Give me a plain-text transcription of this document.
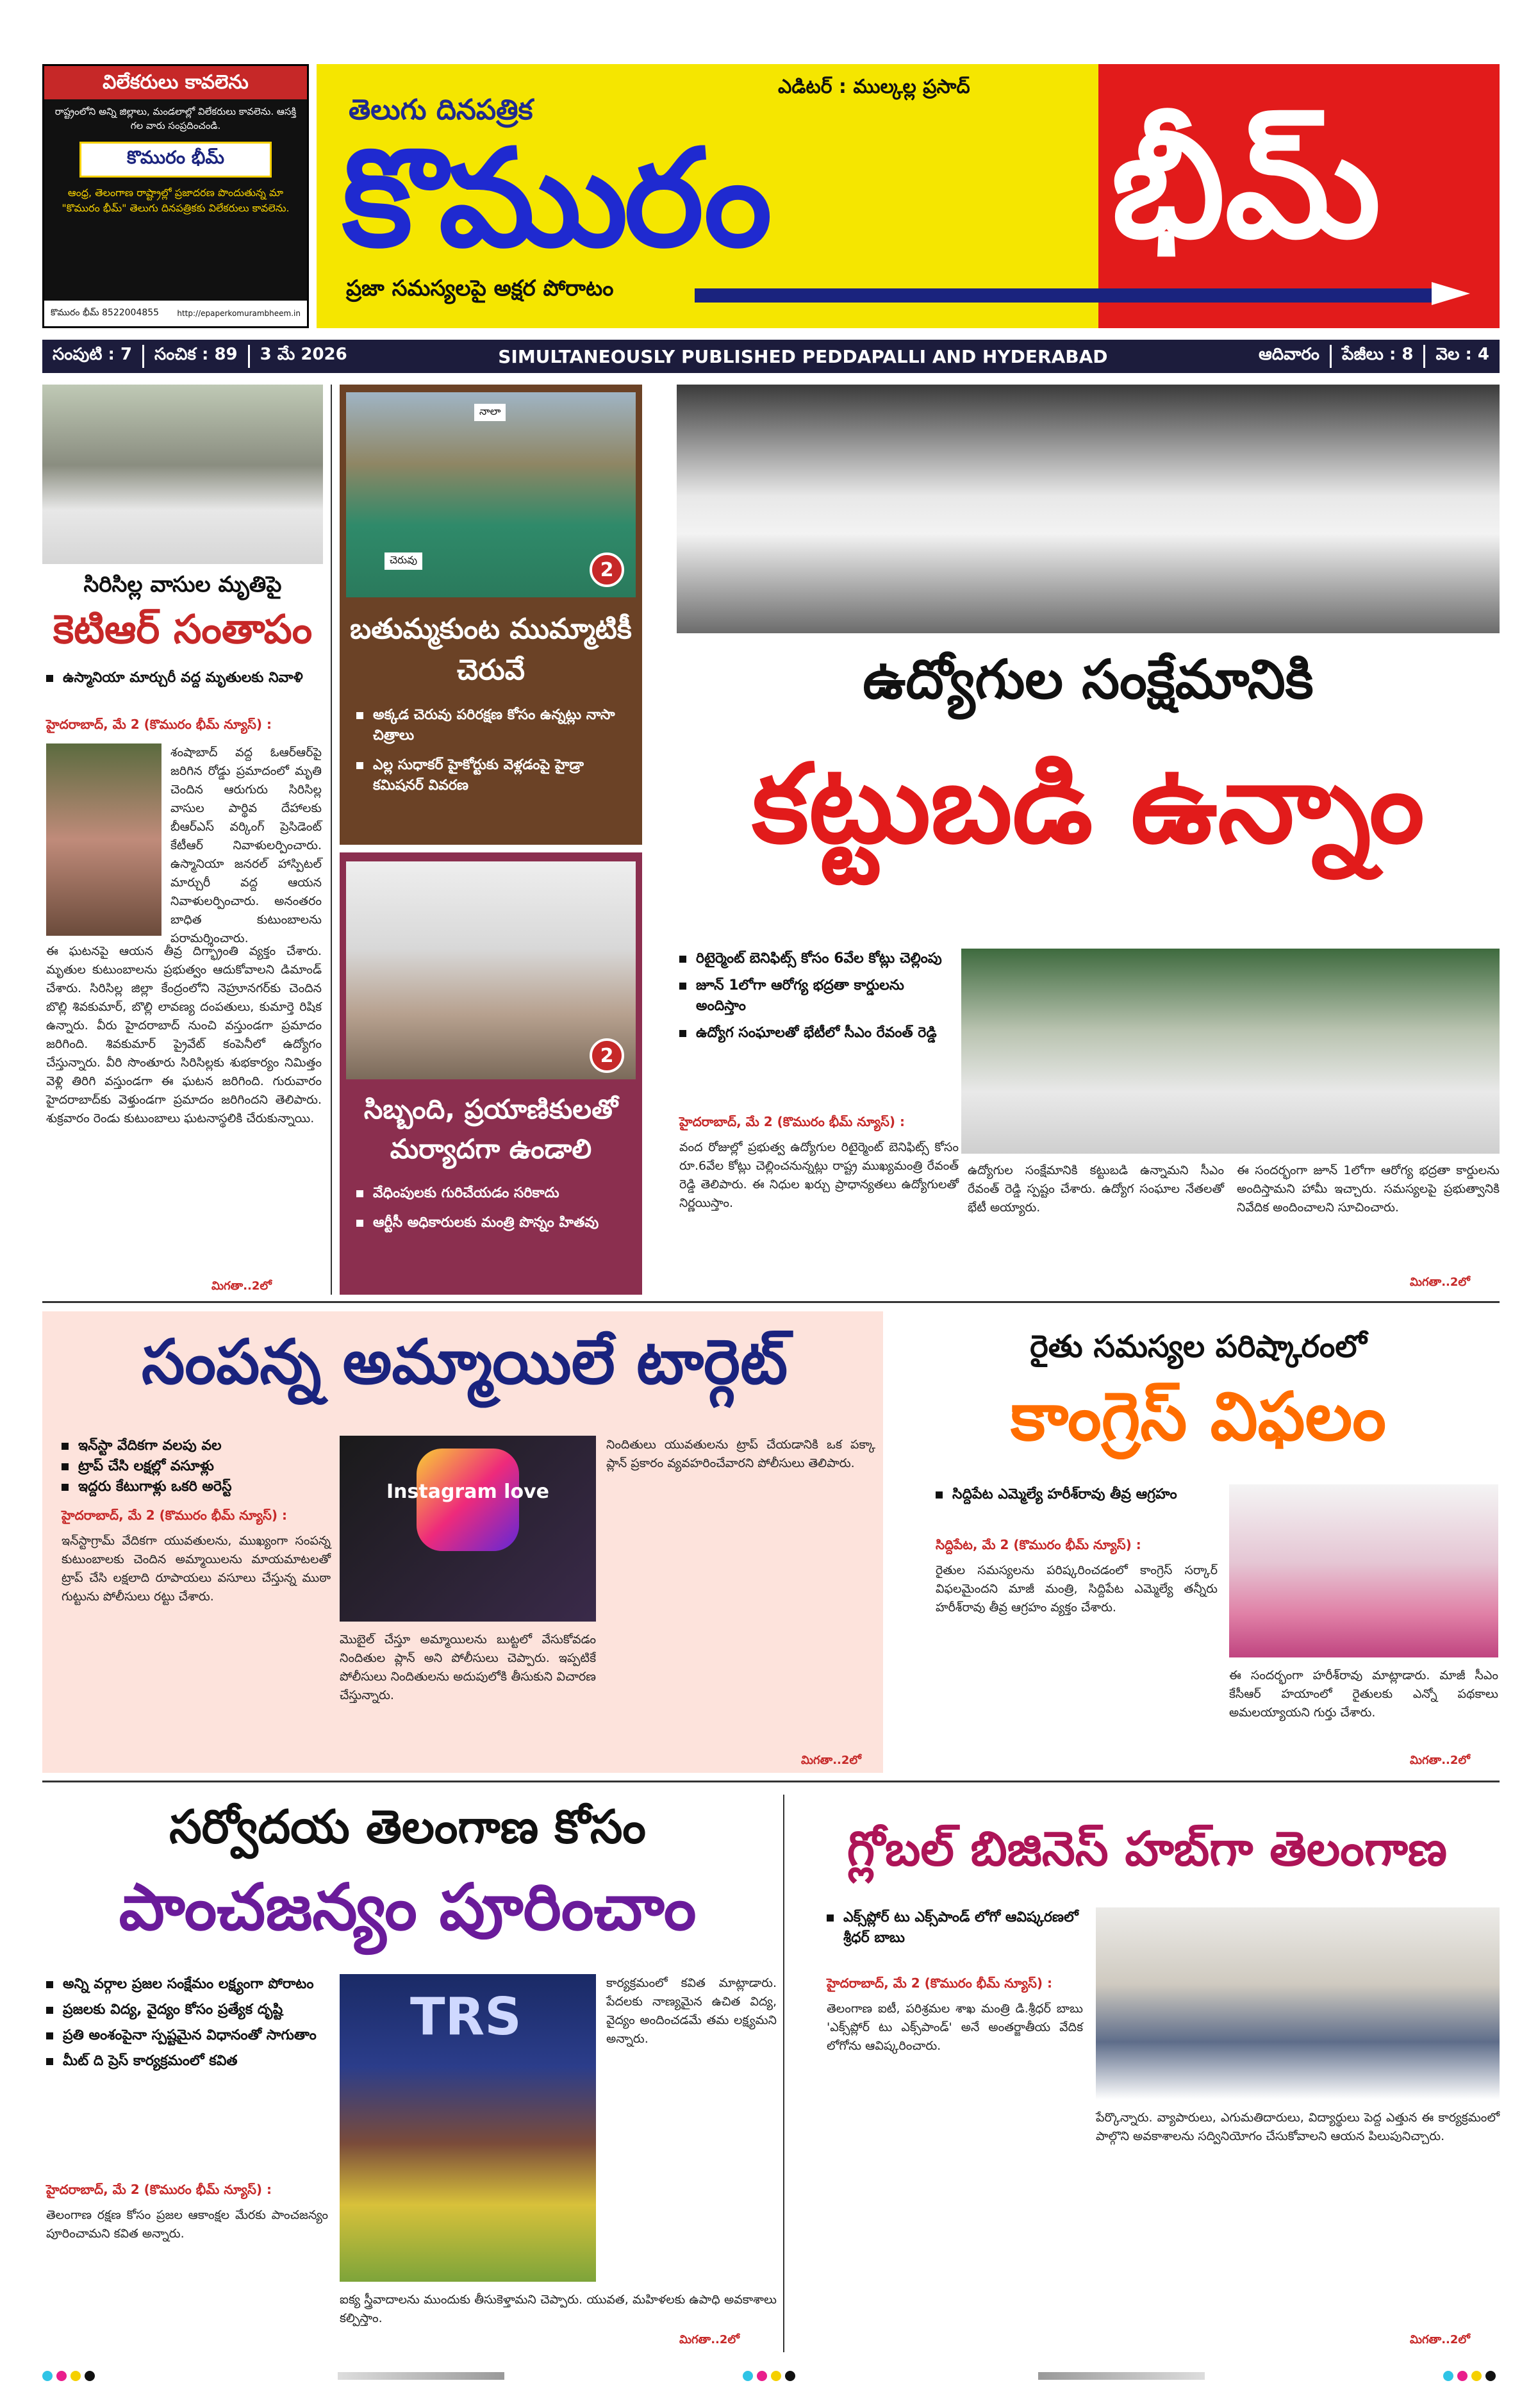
విలేకరులు కావలెను
రాష్ట్రంలోని అన్ని జిల్లాలు, మండలాల్లో విలేకరులు కావలెను. ఆసక్తి గల వారు సంప్రదించండి.
కొమురం భీమ్
ఆంధ్ర, తెలంగాణ రాష్ట్రాల్లో ప్రజాదరణ పొందుతున్న మా "కొమురం భీమ్" తెలుగు దినపత్రికకు విలేకరులు కావలెను.
కొమురం భీమ్ 8522004855 http://epaperkomurambheem.in
తెలుగు దినపత్రిక
ఎడిటర్ : ముల్కల్ల ప్రసాద్
కొమురం భీమ్
ప్రజా సమస్యలపై అక్షర పోరాటం
సంపుటి : 7	సంచిక : 89	3 మే 2026	SIMULTANEOUSLY PUBLISHED PEDDAPALLI AND HYDERABAD	ఆదివారం	పేజీలు : 8	వెల : 4
సిరిసిల్ల వాసుల మృతిపై
కెటిఆర్ సంతాపం
ఉస్మానియా మార్చురీ వద్ద మృతులకు నివాళి
హైదరాబాద్, మే 2 (కొమురం భీమ్ న్యూస్) :
శంషాబాద్ వద్ద ఓఆర్ఆర్‌పై జరిగిన రోడ్డు ప్రమాదంలో మృతి చెందిన ఆరుగురు సిరిసిల్ల వాసుల పార్థివ దేహాలకు బీఆర్ఎస్ వర్కింగ్ ప్రెసిడెంట్ కేటీఆర్ నివాళులర్పించారు. ఉస్మానియా జనరల్ హాస్పిటల్ మార్చురీ వద్ద ఆయన నివాళులర్పించారు. అనంతరం బాధిత కుటుంబాలను పరామర్శించారు.
ఈ ఘటనపై ఆయన తీవ్ర దిగ్భ్రాంతి వ్యక్తం చేశారు. మృతుల కుటుంబాలను ప్రభుత్వం ఆదుకోవాలని డిమాండ్ చేశారు. సిరిసిల్ల జిల్లా కేంద్రంలోని నెహ్రూనగర్‌కు చెందిన బొల్లి శివకుమార్, బొల్లి లావణ్య దంపతులు, కుమార్తె రిషిక ఉన్నారు. వీరు హైదరాబాద్ నుంచి వస్తుండగా ప్రమాదం జరిగింది. శివకుమార్ ప్రైవేట్ కంపెనీలో ఉద్యోగం చేస్తున్నారు. వీరి సొంతూరు సిరిసిల్లకు శుభకార్యం నిమిత్తం వెళ్లి తిరిగి వస్తుండగా ఈ ఘటన జరిగింది. గురువారం హైదరాబాద్‌కు వెళ్తుండగా ప్రమాదం జరిగిందని తెలిపారు. శుక్రవారం రెండు కుటుంబాలు ఘటనాస్థలికి చేరుకున్నాయి.
మిగతా..2లో
నాలా
చెరువు	2
బతుమ్మకుంట ముమ్మాటికీ చెరువే
అక్కడ చెరువు పరిరక్షణ కోసం ఉన్నట్లు నాసా చిత్రాలు
ఎల్ల సుధాకర్ హైకోర్టుకు వెళ్లడంపై హైడ్రా కమిషనర్ వివరణ
2
సిబ్బంది, ప్రయాణికులతో మర్యాదగా ఉండాలి
వేధింపులకు గురిచేయడం సరికాదు
ఆర్టీసీ అధికారులకు మంత్రి పొన్నం హితవు
ఉద్యోగుల సంక్షేమానికి
కట్టుబడి ఉన్నాం
రిటైర్మెంట్ బెనిఫిట్స్ కోసం 6వేల కోట్లు చెల్లింపు
జూన్ 1లోగా ఆరోగ్య భద్రతా కార్డులను అందిస్తాం
ఉద్యోగ సంఘాలతో భేటీలో సీఎం రేవంత్ రెడ్డి
హైదరాబాద్, మే 2 (కొమురం భీమ్ న్యూస్) :
వంద రోజుల్లో ప్రభుత్వ ఉద్యోగుల రిటైర్మెంట్ బెనిఫిట్స్ కోసం రూ.6వేల కోట్లు చెల్లించనున్నట్లు రాష్ట్ర ముఖ్యమంత్రి రేవంత్ రెడ్డి తెలిపారు. ఈ నిధుల ఖర్చు ప్రాధాన్యతలు ఉద్యోగులతో నిర్ణయిస్తాం.
ఉద్యోగుల సంక్షేమానికి కట్టుబడి ఉన్నామని సీఎం రేవంత్ రెడ్డి స్పష్టం చేశారు. ఉద్యోగ సంఘాల నేతలతో భేటీ అయ్యారు.
ఈ సందర్భంగా జూన్ 1లోగా ఆరోగ్య భద్రతా కార్డులను అందిస్తామని హామీ ఇచ్చారు. సమస్యలపై ప్రభుత్వానికి నివేదిక అందించాలని సూచించారు.
మిగతా..2లో
సంపన్న అమ్మాయిలే టార్గెట్
ఇన్‌స్టా వేదికగా వలపు వల
ట్రాప్ చేసి లక్షల్లో వసూళ్లు
ఇద్దరు కేటుగాళ్లు ఒకరి అరెస్ట్
హైదరాబాద్, మే 2 (కొమురం భీమ్ న్యూస్) :
ఇన్‌స్టాగ్రామ్ వేదికగా యువతులను, ముఖ్యంగా సంపన్న కుటుంబాలకు చెందిన అమ్మాయిలను మాయమాటలతో ట్రాప్ చేసి లక్షలాది రూపాయలు వసూలు చేస్తున్న ముఠా గుట్టును పోలీసులు రట్టు చేశారు.
Instagram love
మొబైల్‌ చేస్తూ అమ్మాయిలను బుట్టలో వేసుకోవడం నిందితుల ప్లాన్ అని పోలీసులు చెప్పారు. ఇప్పటికే పోలీసులు నిందితులను అదుపులోకి తీసుకుని విచారణ చేస్తున్నారు.
నిందితులు యువతులను ట్రాప్ చేయడానికి ఒక పక్కా ప్లాన్ ప్రకారం వ్యవహరించేవారని పోలీసులు తెలిపారు.
మిగతా..2లో
రైతు సమస్యల పరిష్కారంలో
కాంగ్రెస్ విఫలం
సిద్దిపేట ఎమ్మెల్యే హరీశ్‌రావు తీవ్ర ఆగ్రహం
సిద్దిపేట, మే 2 (కొమురం భీమ్ న్యూస్) :
రైతుల సమస్యలను పరిష్కరించడంలో కాంగ్రెస్ సర్కార్ విఫలమైందని మాజీ మంత్రి, సిద్దిపేట ఎమ్మెల్యే తన్నీరు హరీశ్‌రావు తీవ్ర ఆగ్రహం వ్యక్తం చేశారు.
ఈ సందర్భంగా హరీశ్‌రావు మాట్లాడారు. మాజీ సీఎం కేసీఆర్ హయాంలో రైతులకు ఎన్నో పథకాలు అమలయ్యాయని గుర్తు చేశారు.
మిగతా..2లో
సర్వోదయ తెలంగాణ కోసం
పాంచజన్యం పూరించాం
అన్ని వర్గాల ప్రజల సంక్షేమం లక్ష్యంగా పోరాటం
ప్రజలకు విద్య, వైద్యం కోసం ప్రత్యేక దృష్టి
ప్రతి అంశంపైనా స్పష్టమైన విధానంతో సాగుతాం
మీట్ ది ప్రెస్ కార్యక్రమంలో కవిత
హైదరాబాద్, మే 2 (కొమురం భీమ్ న్యూస్) :
తెలంగాణ రక్షణ కోసం ప్రజల ఆకాంక్షల మేరకు పాంచజన్యం పూరించామని కవిత అన్నారు.
TRS
కార్యక్రమంలో కవిత మాట్లాడారు. పేదలకు నాణ్యమైన ఉచిత విద్య, వైద్యం అందించడమే తమ లక్ష్యమని అన్నారు.
ఐక్య స్త్రీవాదాలను ముందుకు తీసుకెళ్తామని చెప్పారు. యువత, మహిళలకు ఉపాధి అవకాశాలు కల్పిస్తాం.
మిగతా..2లో
గ్లోబల్ బిజినెస్ హబ్‌గా తెలంగాణ
ఎక్స్‌ప్లోర్ టు ఎక్స్‌పాండ్ లోగో ఆవిష్కరణలో శ్రీధర్ బాబు
హైదరాబాద్, మే 2 (కొమురం భీమ్ న్యూస్) :
తెలంగాణ ఐటీ, పరిశ్రమల శాఖ మంత్రి డి.శ్రీధర్ బాబు 'ఎక్స్‌ప్లోర్ టు ఎక్స్‌పాండ్' అనే అంతర్జాతీయ వేదిక లోగోను ఆవిష్కరించారు.
పేర్కొన్నారు. వ్యాపారులు, ఎగుమతిదారులు, విద్యార్థులు పెద్ద ఎత్తున ఈ కార్యక్రమంలో పాల్గొని అవకాశాలను సద్వినియోగం చేసుకోవాలని ఆయన పిలుపునిచ్చారు.
మిగతా..2లో
